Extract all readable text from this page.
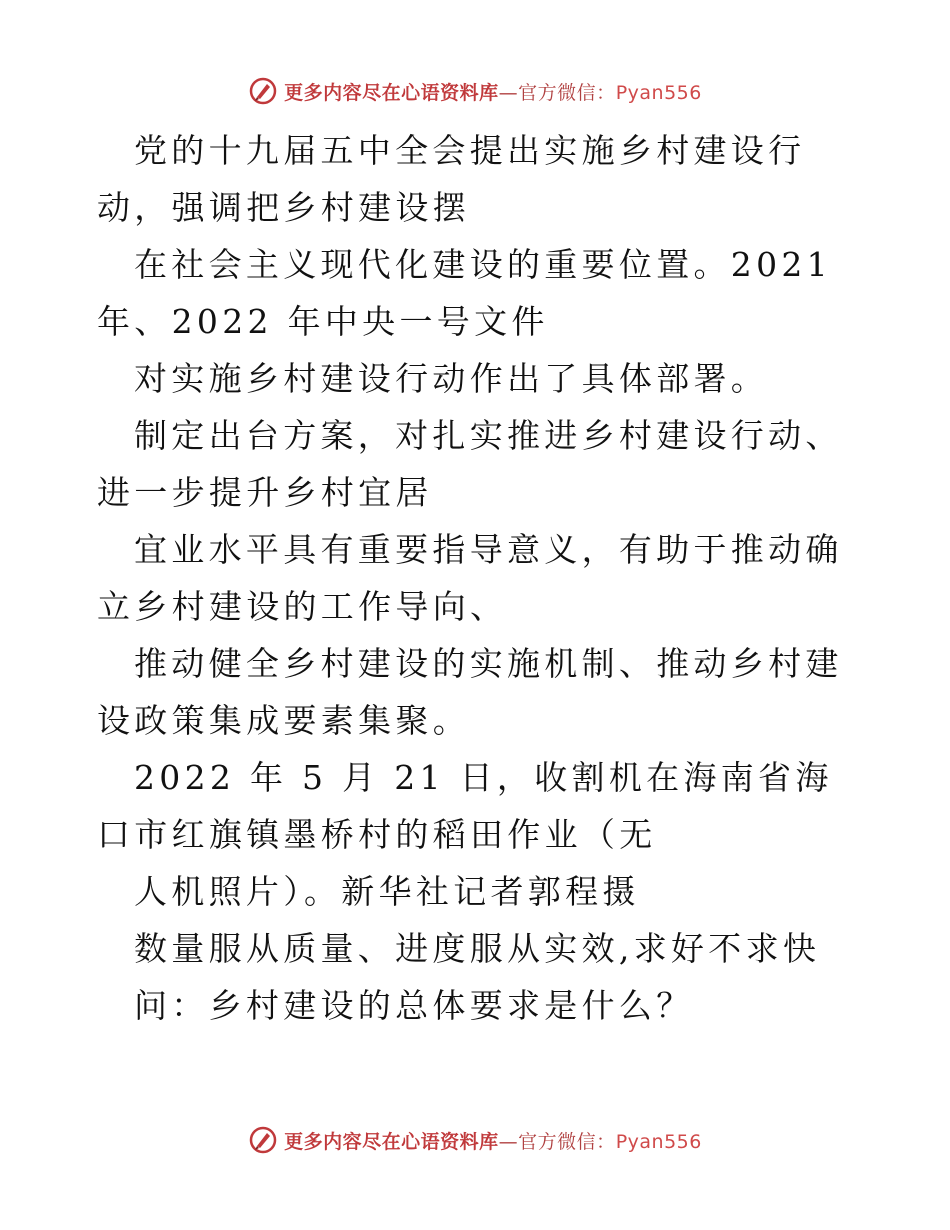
更多内容尽在心语资料库—官方微信：Pyan556

党的十九届五中全会提出实施乡村建设行动，强调把乡村建设摆

在社会主义现代化建设的重要位置。2021 年、2022 年中央一号文件

对实施乡村建设行动作出了具体部署。

制定出台方案，对扎实推进乡村建设行动、进一步提升乡村宜居

宜业水平具有重要指导意义，有助于推动确立乡村建设的工作导向、

推动健全乡村建设的实施机制、推动乡村建设政策集成要素集聚。

2022 年 5 月 21 日，收割机在海南省海口市红旗镇墨桥村的稻田作业（无

人机照片）。新华社记者郭程摄

数量服从质量、进度服从实效,求好不求快

问：乡村建设的总体要求是什么？

更多内容尽在心语资料库—官方微信：Pyan556
